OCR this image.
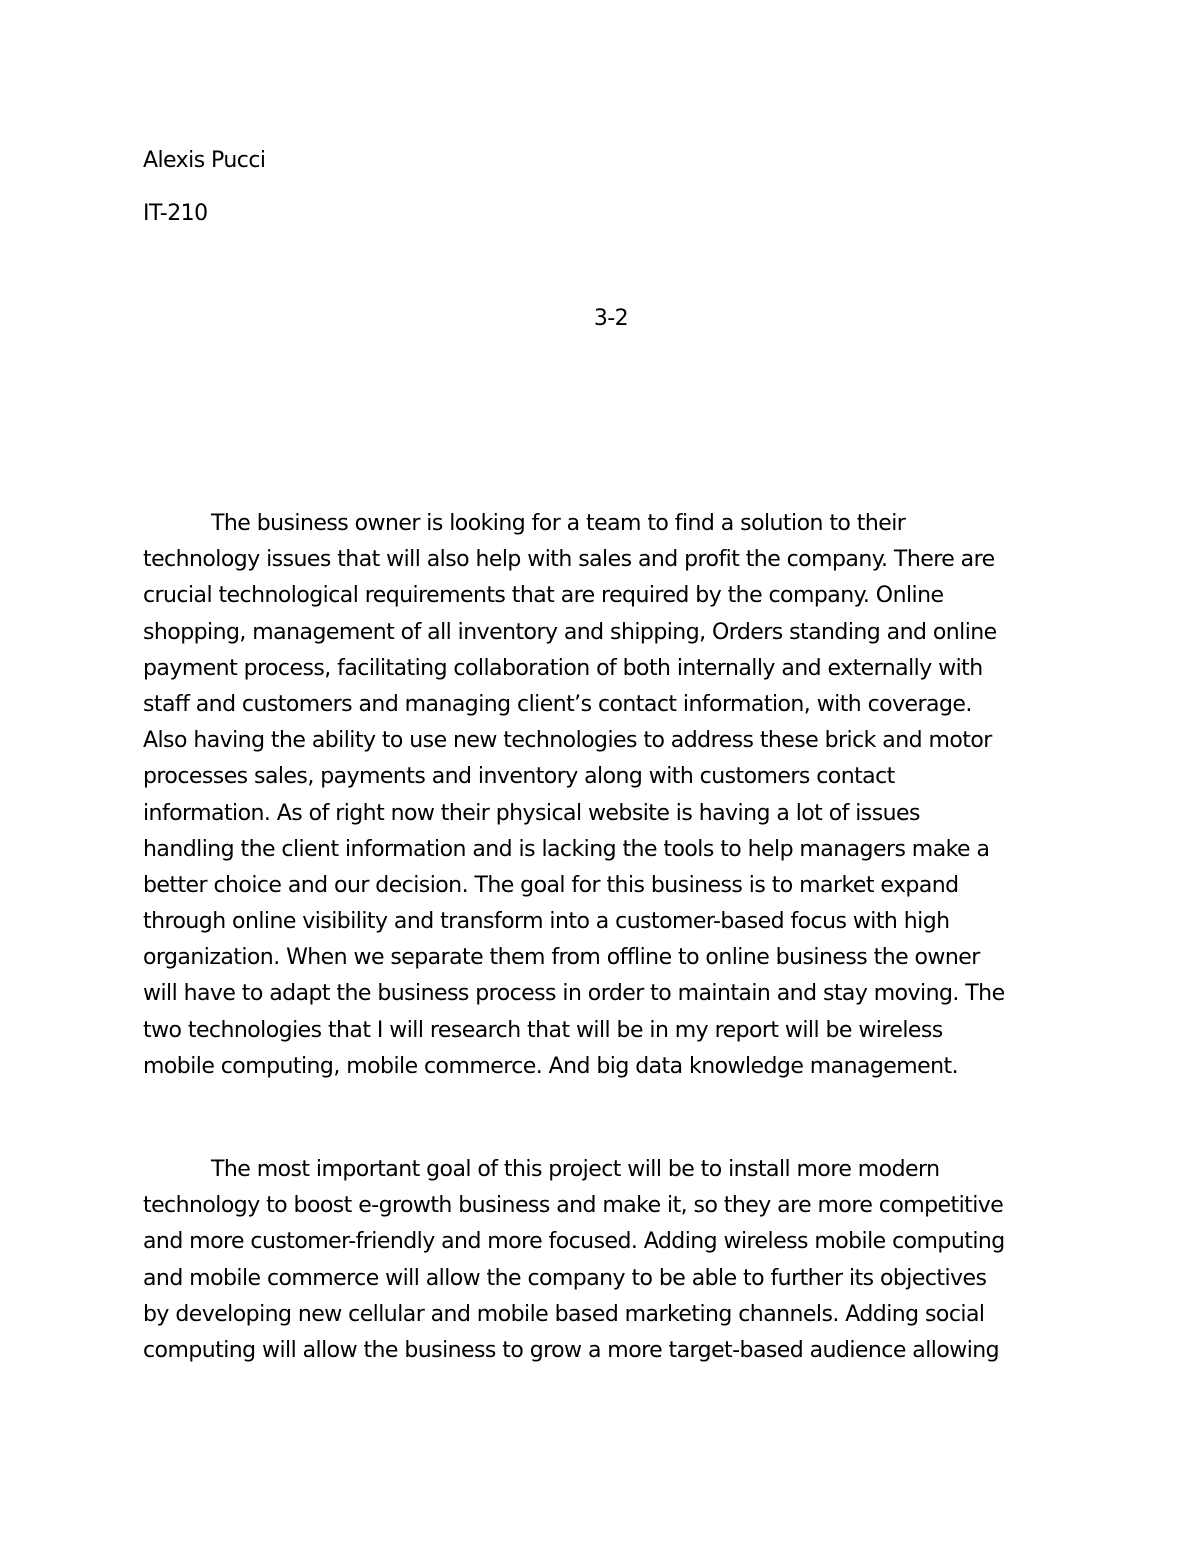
Alexis Pucci
IT-210
3-2
The business owner is looking for a team to find a solution to their
technology issues that will also help with sales and profit the company. There are
crucial technological requirements that are required by the company. Online
shopping, management of all inventory and shipping, Orders standing and online
payment process, facilitating collaboration of both internally and externally with
staff and customers and managing client’s contact information, with coverage.
Also having the ability to use new technologies to address these brick and motor
processes sales, payments and inventory along with customers contact
information. As of right now their physical website is having a lot of issues
handling the client information and is lacking the tools to help managers make a
better choice and our decision. The goal for this business is to market expand
through online visibility and transform into a customer-based focus with high
organization. When we separate them from offline to online business the owner
will have to adapt the business process in order to maintain and stay moving. The
two technologies that I will research that will be in my report will be wireless
mobile computing, mobile commerce. And big data knowledge management.
The most important goal of this project will be to install more modern
technology to boost e-growth business and make it, so they are more competitive
and more customer-friendly and more focused. Adding wireless mobile computing
and mobile commerce will allow the company to be able to further its objectives
by developing new cellular and mobile based marketing channels. Adding social
computing will allow the business to grow a more target-based audience allowing
